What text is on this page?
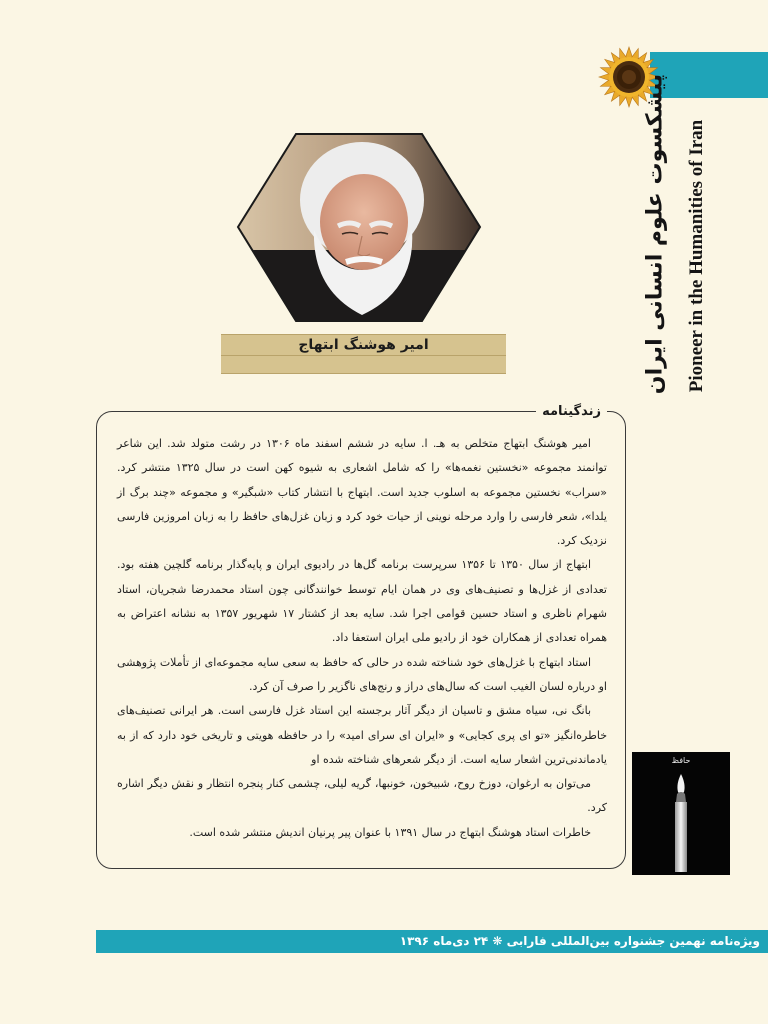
پیشکسوت علوم انسانی ایران Pioneer in the Humanities of Iran
امیر هوشنگ ابتهاج
زندگینامه

امیر هوشنگ ابتهاج متخلص به هـ. ا. سایه در ششم اسفند ماه ۱۳۰۶ در رشت متولد شد. این شاعر توانمند مجموعه «نخستین نغمه‌ها» را که شامل اشعاری به شیوه کهن است در سال ۱۳۲۵ منتشر کرد. «سراب» نخستین مجموعه به اسلوب جدید است. ابتهاج با انتشار کتاب «شبگیر» و مجموعه «چند برگ از یلدا»، شعر فارسی را وارد مرحله نوینی از حیات خود کرد و زبان غزل‌های حافظ را به زبان امروزین فارسی نزدیک کرد.

ابتهاج از سال ۱۳۵۰ تا ۱۳۵۶ سرپرست برنامه گل‌ها در رادیوی ایران و پایه‌گذار برنامه گلچین هفته بود. تعدادی از غزل‌ها و تصنیف‌های وی در همان ایام توسط خوانندگانی چون استاد محمدرضا شجریان، استاد شهرام ناظری و استاد حسین قوامی اجرا شد. سایه بعد از کشتار ۱۷ شهریور ۱۳۵۷ به نشانه اعتراض به همراه تعدادی از همکاران خود از رادیو ملی ایران استعفا داد.

استاد ابتهاج با غزل‌های خود شناخته شده در حالی که حافظ به سعی سایه مجموعه‌ای از تأملات پژوهشی او درباره لسان الغیب است که سال‌های دراز و رنج‌های ناگزیر را صرف آن کرد.

بانگ نی، سیاه مشق و تاسیان از دیگر آثار برجسته این استاد غزل فارسی است. هر ایرانی تصنیف‌های خاطره‌انگیز «تو ای پری کجایی» و «ایران ای سرای امید» را در حافظه هویتی و تاریخی خود دارد که از به یادماندنی‌ترین اشعار سایه است. از دیگر شعرهای شناخته شده او

می‌توان به ارغوان، دوزخ روح، شبیخون، خونبها، گریه لیلی، چشمی کنار پنجره انتظار و نقش دیگر اشاره کرد.

خاطرات استاد هوشنگ ابتهاج در سال ۱۳۹۱ با عنوان پیر پرنیان اندیش منتشر شده است.

حافظ
ویژه‌نامه نهمین جشنواره بین‌المللی فارابی ❋ ۲۴ دی‌ماه ۱۳۹۶
